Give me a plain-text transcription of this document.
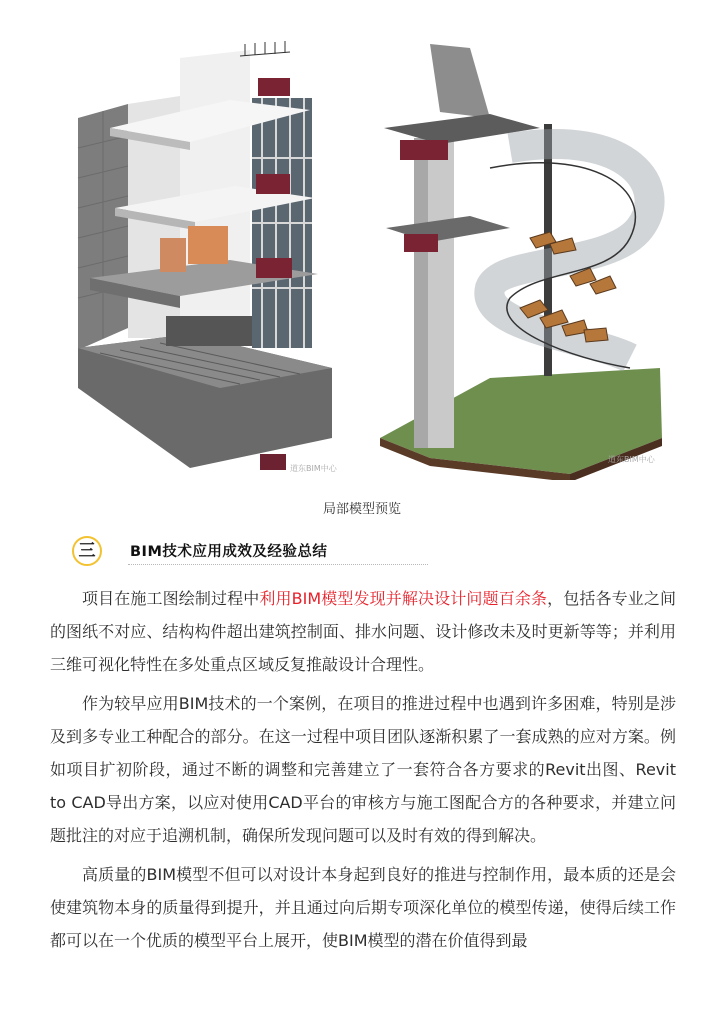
道东BIM中心
道东BIM中心
局部模型预览
三	BIM技术应用成效及经验总结

项目在施工图绘制过程中利用BIM模型发现并解决设计问题百余条，包括各专业之间的图纸不对应、结构构件超出建筑控制面、排水问题、设计修改未及时更新等等；并利用三维可视化特性在多处重点区域反复推敲设计合理性。

作为较早应用BIM技术的一个案例，在项目的推进过程中也遇到许多困难，特别是涉及到多专业工种配合的部分。在这一过程中项目团队逐渐积累了一套成熟的应对方案。例如项目扩初阶段，通过不断的调整和完善建立了一套符合各方要求的Revit出图、Revit to CAD导出方案，以应对使用CAD平台的审核方与施工图配合方的各种要求，并建立问题批注的对应于追溯机制，确保所发现问题可以及时有效的得到解决。

高质量的BIM模型不但可以对设计本身起到良好的推进与控制作用，最本质的还是会使建筑物本身的质量得到提升，并且通过向后期专项深化单位的模型传递，使得后续工作都可以在一个优质的模型平台上展开，使BIM模型的潜在价值得到最
